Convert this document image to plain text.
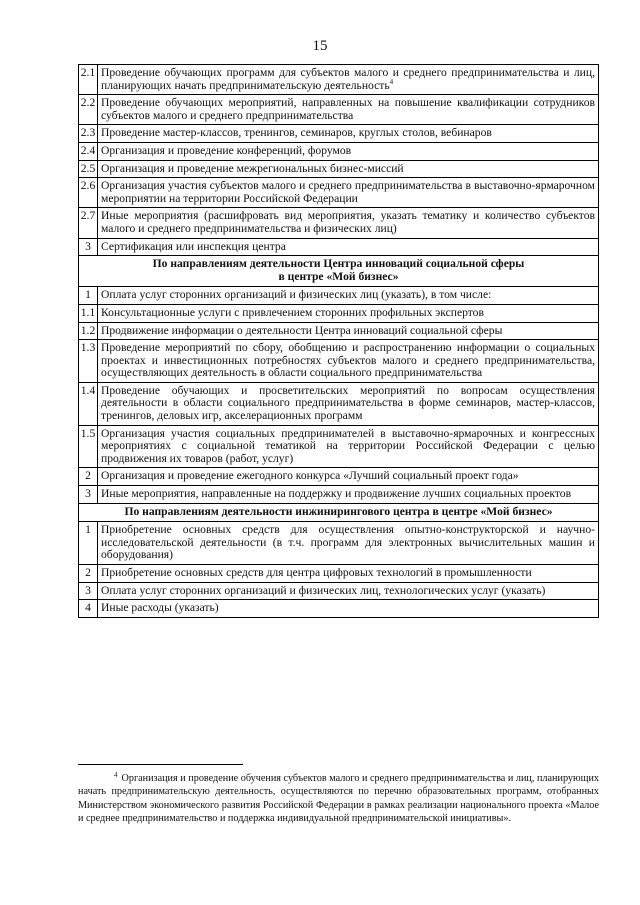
15
2.1	Проведение обучающих программ для субъектов малого и среднего предпринимательства и лиц, планирующих начать предпринимательскую деятельность$^4$
2.2	Проведение обучающих мероприятий, направленных на повышение квалификации сотрудников субъектов малого и среднего предпринимательства
2.3	Проведение мастер-классов, тренингов, семинаров, круглых столов, вебинаров
2.4	Организация и проведение конференций, форумов
2.5	Организация и проведение межрегиональных бизнес-миссий
2.6	Организация участия субъектов малого и среднего предпринимательства в выставочно-ярмарочном мероприятии на территории Российской Федерации
2.7	Иные мероприятия (расшифровать вид мероприятия, указать тематику и количество субъектов малого и среднего предпринимательства и физических лиц)
3	Сертификация или инспекция центра
По направлениям деятельности Центра инноваций социальной сферы
в центре «Мой бизнес»	
1	Оплата услуг сторонних организаций и физических лиц (указать), в том числе:
1.1	Консультационные услуги с привлечением сторонних профильных экспертов
1.2	Продвижение информации о деятельности Центра инноваций социальной сферы
1.3	Проведение мероприятий по сбору, обобщению и распространению информации о социальных проектах и инвестиционных потребностях субъектов малого и среднего предпринимательства, осуществляющих деятельность в области социального предпринимательства
1.4	Проведение обучающих и просветительских мероприятий по вопросам осуществления деятельности в области социального предпринимательства в форме семинаров, мастер-классов, тренингов, деловых игр, акселерационных программ
1.5	Организация участия социальных предпринимателей в выставочно-ярмарочных и конгрессных мероприятиях с социальной тематикой на территории Российской Федерации с целью продвижения их товаров (работ, услуг)
2	Организация и проведение ежегодного конкурса «Лучший социальный проект года»
3	Иные мероприятия, направленные на поддержку и продвижение лучших социальных проектов
По направлениям деятельности инжинирингового центра в центре «Мой бизнес»	
1	Приобретение основных средств для осуществления опытно-конструкторской и научно-исследовательской деятельности (в т.ч. программ для электронных вычислительных машин и оборудования)
2	Приобретение основных средств для центра цифровых технологий в промышленности
3	Оплата услуг сторонних организаций и физических лиц, технологических услуг (указать)
4	Иные расходы (указать)
$^4$ Организация и проведение обучения субъектов малого и среднего предпринимательства и лиц, планирующих начать предпринимательскую деятельность, осуществляются по перечню образовательных программ, отобранных Министерством экономического развития Российской Федерации в рамках реализации национального проекта «Малое и среднее предпринимательство и поддержка индивидуальной предпринимательской инициативы».
